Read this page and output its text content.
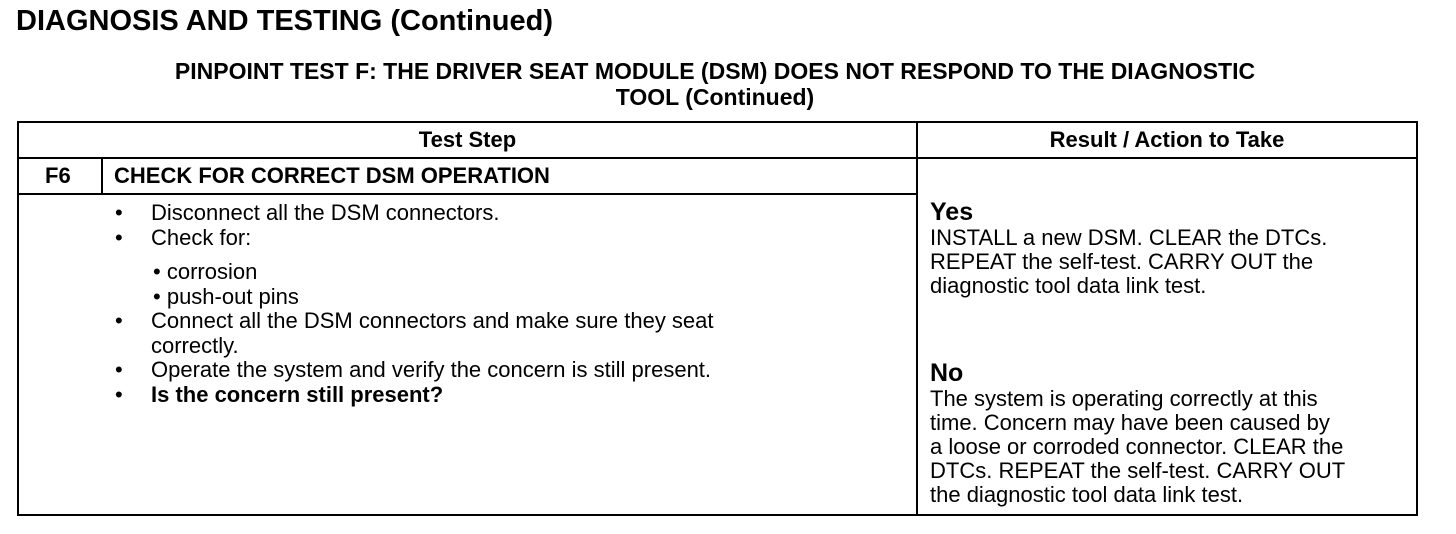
DIAGNOSIS AND TESTING (Continued)
PINPOINT TEST F: THE DRIVER SEAT MODULE (DSM) DOES NOT RESPOND TO THE DIAGNOSTIC
TOOL (Continued)
Test Step	Result / Action to Take
F6 CHECK FOR CORRECT DSM OPERATION
•	Disconnect all the DSM connectors.
•	Check for:
• corrosion
• push-out pins
•	Connect all the DSM connectors and make sure they seat
correctly.
•	Operate the system and verify the concern is still present.
•	Is the concern still present?
Yes
INSTALL a new DSM. CLEAR the DTCs.
REPEAT the self-test. CARRY OUT the
diagnostic tool data link test.
No
The system is operating correctly at this
time. Concern may have been caused by
a loose or corroded connector. CLEAR the
DTCs. REPEAT the self-test. CARRY OUT
the diagnostic tool data link test.
